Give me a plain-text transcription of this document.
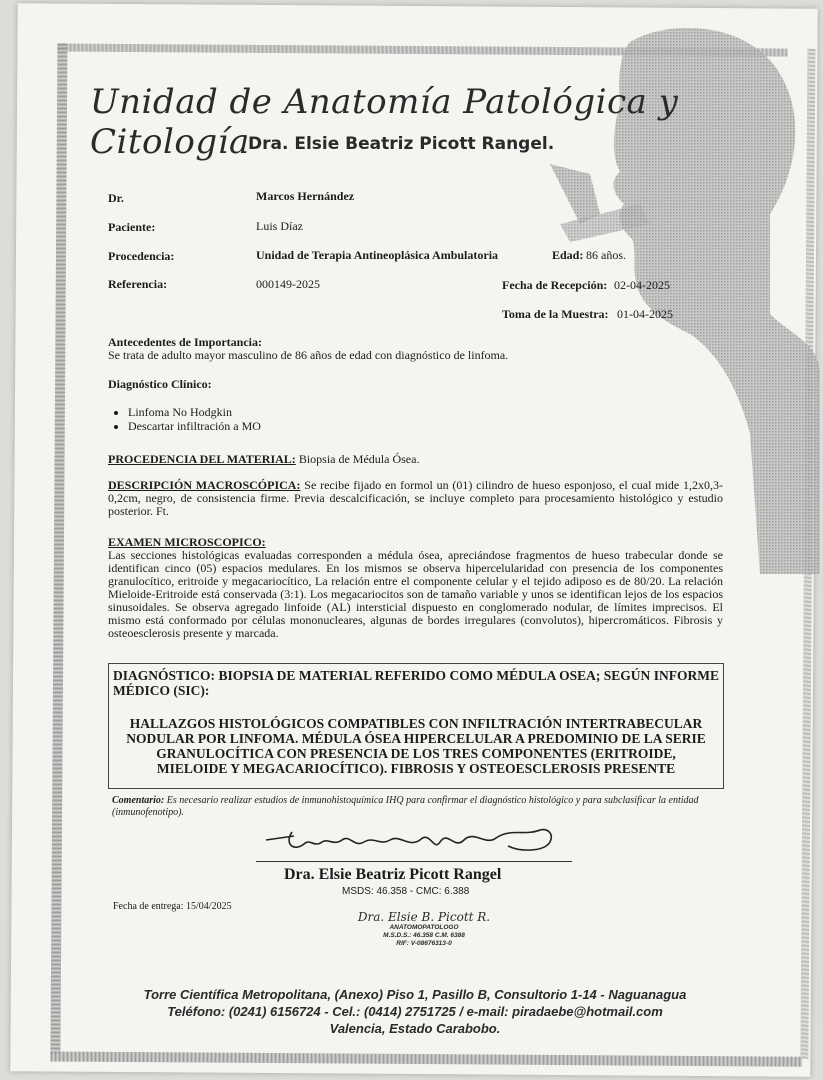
Unidad de Anatomía Patológica y Citología
Dra. Elsie Beatriz Picott Rangel.
Dr.	Marcos Hernández
Paciente:	Luis Díaz
Procedencia:	Unidad de Terapia Antineoplásica Ambulatoria	Edad: 86 años.
Referencia:	000149-2025	Fecha de Recepción: 02-04-2025
Toma de la Muestra: 01-04-2025
Antecedentes de Importancia:
Se trata de adulto mayor masculino de 86 años de edad con diagnóstico de linfoma.
Diagnóstico Clínico:
• Linfoma No Hodgkin
• Descartar infiltración a MO
PROCEDENCIA DEL MATERIAL: Biopsia de Médula Ósea.
DESCRIPCIÓN MACROSCÓPICA: Se recibe fijado en formol un (01) cilindro de hueso esponjoso, el cual mide 1,2x0,3-0,2cm, negro, de consistencia firme. Previa descalcificación, se incluye completo para procesamiento histológico y estudio posterior. Ft.
EXAMEN MICROSCOPICO:
Las secciones histológicas evaluadas corresponden a médula ósea, apreciándose fragmentos de hueso trabecular donde se identifican cinco (05) espacios medulares. En los mismos se observa hipercelularidad con presencia de los componentes granulocítico, eritroide y megacariocítico, La relación entre el componente celular y el tejido adiposo es de 80/20. La relación Mieloide-Eritroide está conservada (3:1). Los megacariocitos son de tamaño variable y unos se identifican lejos de los espacios sinusoidales. Se observa agregado linfoide (AL) intersticial dispuesto en conglomerado nodular, de límites imprecisos. El mismo está conformado por células mononucleares, algunas de bordes irregulares (convolutos), hipercromáticos. Fibrosis y osteoesclerosis presente y marcada.
DIAGNÓSTICO: BIOPSIA DE MATERIAL REFERIDO COMO MÉDULA OSEA; SEGÚN INFORME MÉDICO (SIC):
HALLAZGOS HISTOLÓGICOS COMPATIBLES CON INFILTRACIÓN INTERTRABECULAR NODULAR POR LINFOMA. MÉDULA ÓSEA HIPERCELULAR A PREDOMINIO DE LA SERIE GRANULOCÍTICA CON PRESENCIA DE LOS TRES COMPONENTES (ERITROIDE, MIELOIDE Y MEGACARIOCÍTICO). FIBROSIS Y OSTEOESCLEROSIS PRESENTE
Comentario: Es necesario realizar estudios de inmunohistoquímica IHQ para confirmar el diagnóstico histológico y para subclasificar la entidad (inmunofenotipo).
Dra. Elsie Beatriz Picott Rangel
MSDS: 46.358 - CMC: 6.388
Fecha de entrega: 15/04/2025
Dra. Elsie B. Picott R.
ANATOMOPATOLOGO
M.S.D.S.: 46.358 C.M. 6388
RIF: V-08676313-0
Torre Científica Metropolitana, (Anexo) Piso 1, Pasillo B, Consultorio 1-14 - Naguanagua
Teléfono: (0241) 6156724 - Cel.: (0414) 2751725 / e-mail: piradaebe@hotmail.com
Valencia, Estado Carabobo.
